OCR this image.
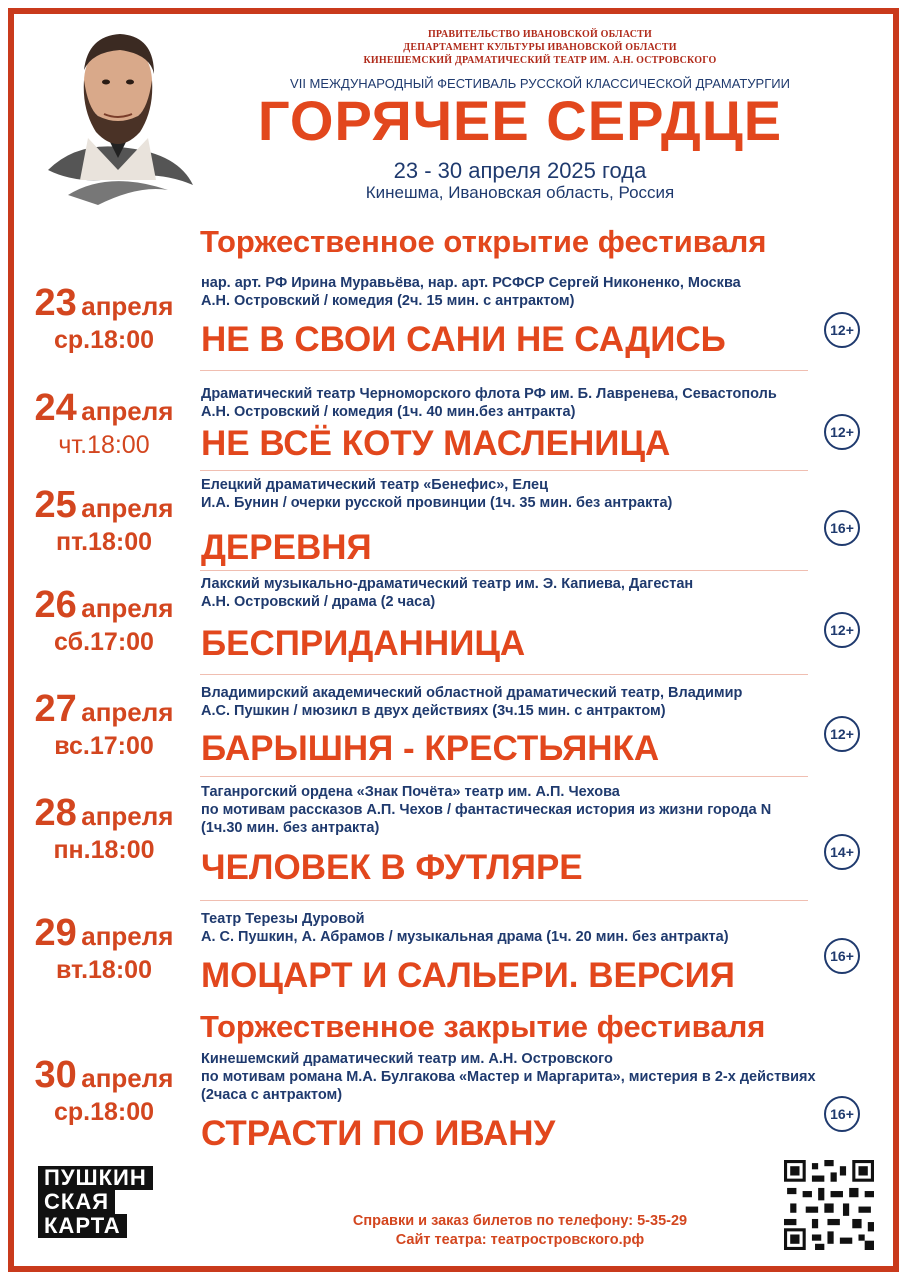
ПРАВИТЕЛЬСТВО ИВАНОВСКОЙ ОБЛАСТИ
ДЕПАРТАМЕНТ КУЛЬТУРЫ ИВАНОВСКОЙ ОБЛАСТИ
КИНЕШЕМСКИЙ ДРАМАТИЧЕСКИЙ ТЕАТР ИМ. А.Н. ОСТРОВСКОГО
VII МЕЖДУНАРОДНЫЙ ФЕСТИВАЛЬ РУССКОЙ КЛАССИЧЕСКОЙ ДРАМАТУРГИИ
ГОРЯЧЕЕ СЕРДЦЕ
23 - 30 апреля 2025 года
Кинешма, Ивановская область, Россия
Торжественное открытие фестиваля
23 апреля
ср.18:00
нар. арт. РФ Ирина Муравьёва, нар. арт. РСФСР Сергей Никоненко, Москва
А.Н. Островский / комедия (2ч. 15 мин. с антрактом)
НЕ В СВОИ САНИ НЕ САДИСЬ	12+
24 апреля
чт.18:00
Драматический театр Черноморского флота РФ им. Б. Лавренева, Севастополь
А.Н. Островский / комедия (1ч. 40 мин.без антракта)
НЕ ВСЁ КОТУ МАСЛЕНИЦА	12+
25 апреля
пт.18:00
Елецкий драматический театр «Бенефис», Елец
И.А. Бунин / очерки русской провинции (1ч. 35 мин. без антракта)
ДЕРЕВНЯ	16+
26 апреля
сб.17:00
Лакский музыкально-драматический театр им. Э. Капиева, Дагестан
А.Н. Островский / драма (2 часа)
БЕСПРИДАННИЦА	12+
27 апреля
вс.17:00
Владимирский академический областной драматический театр, Владимир
А.С. Пушкин / мюзикл в двух действиях (3ч.15 мин. с антрактом)
БАРЫШНЯ - КРЕСТЬЯНКА	12+
28 апреля
пн.18:00
Таганрогский ордена «Знак Почёта» театр им. А.П. Чехова
по мотивам рассказов А.П. Чехов / фантастическая история из жизни города N
(1ч.30 мин. без антракта)
ЧЕЛОВЕК В ФУТЛЯРЕ	14+
29 апреля
вт.18:00
Театр Терезы Дуровой
А. С. Пушкин, А. Абрамов / музыкальная драма (1ч. 20 мин. без антракта)
МОЦАРТ И САЛЬЕРИ. ВЕРСИЯ	16+
Торжественное закрытие фестиваля
30 апреля
ср.18:00
Кинешемский драматический театр им. А.Н. Островского
по мотивам романа М.А. Булгакова «Мастер и Маргарита», мистерия в 2-х действиях
(2часа с антрактом)
СТРАСТИ ПО ИВАНУ	16+
ПУШКИН
СКАЯ
КАРТА	Справки и заказ билетов по телефону: 5-35-29
Сайт театра: театростровского.рф
